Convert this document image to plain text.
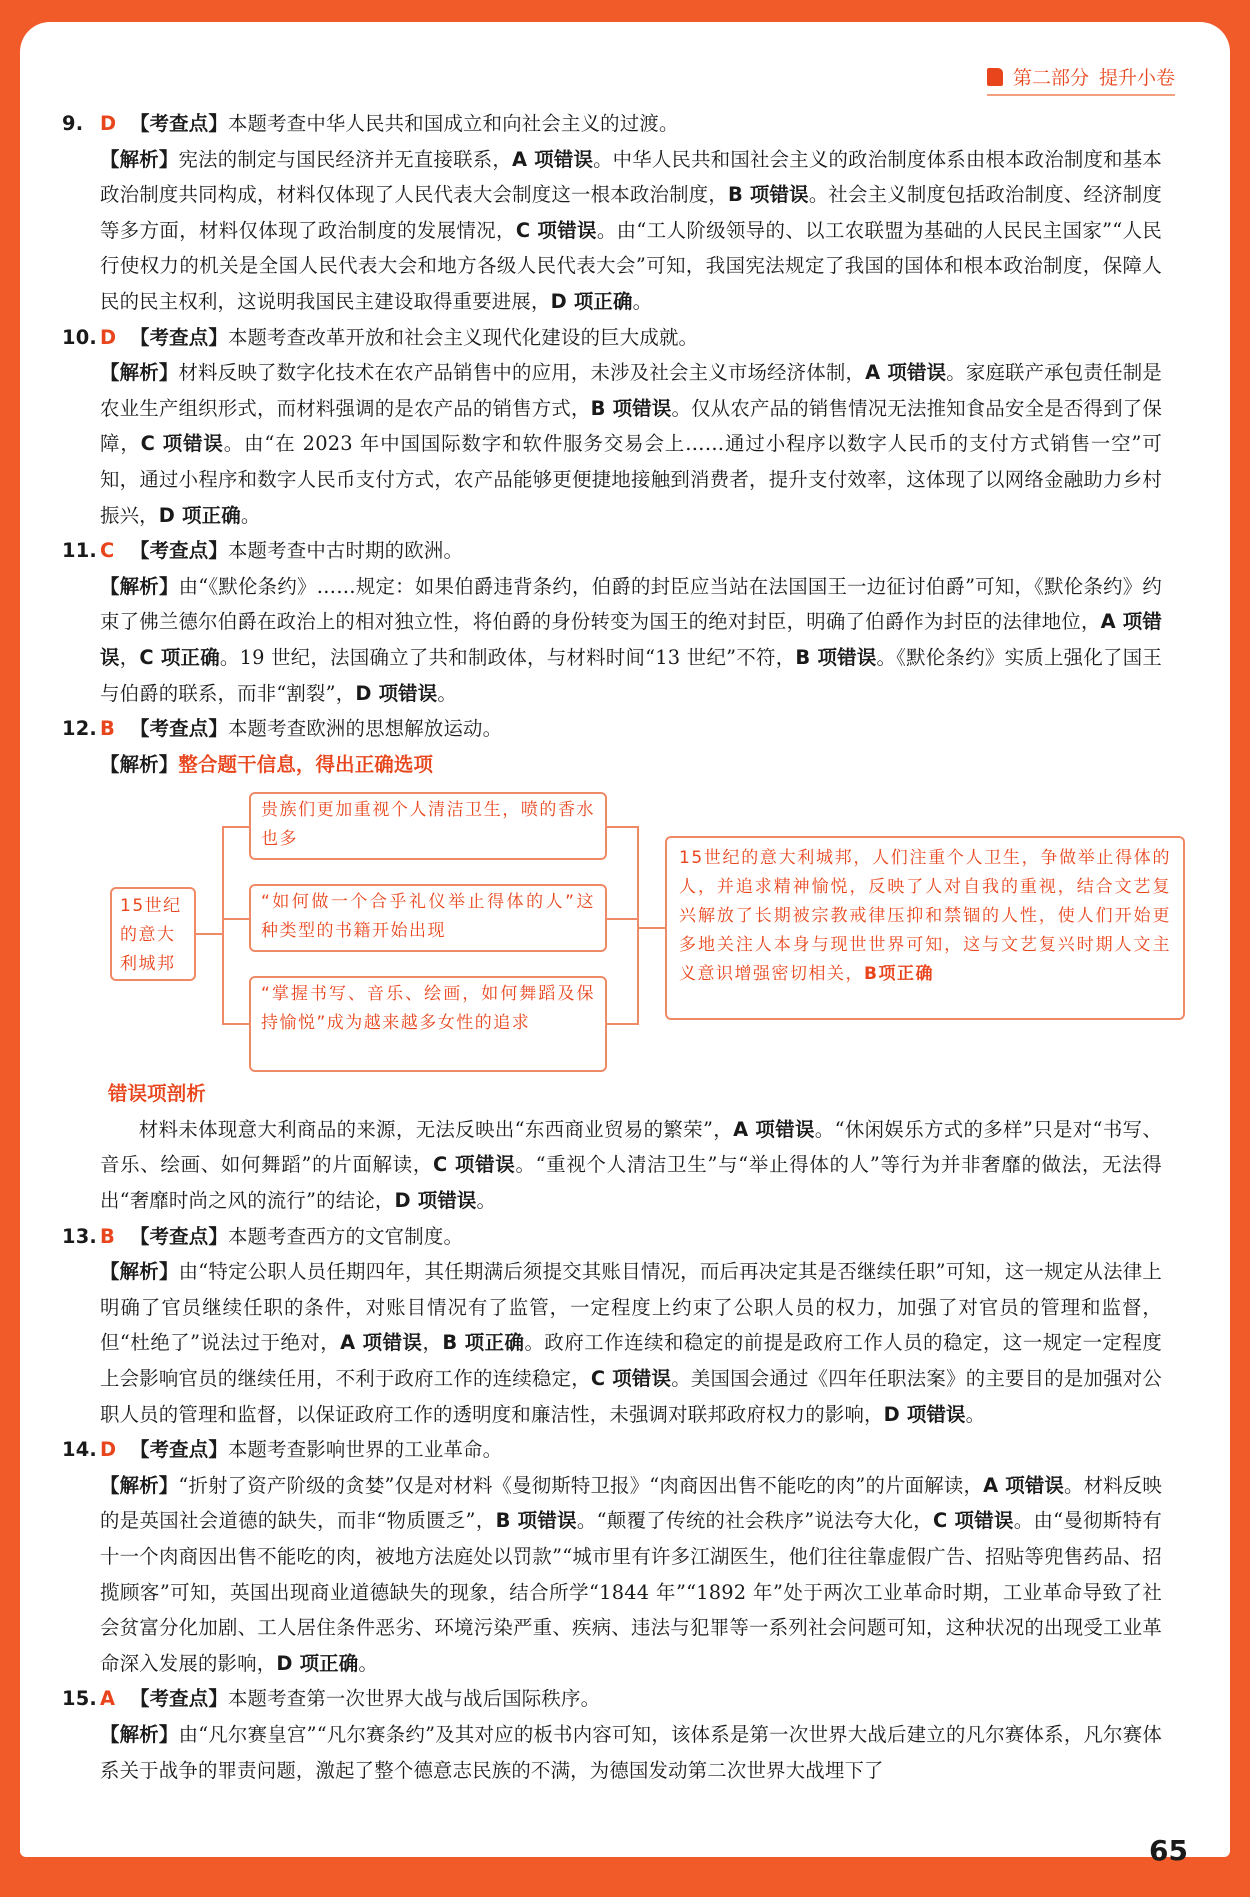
第二部分 提升小卷
9. D 【考查点】 本题考查中华人民共和国成立和向社会主义的过渡。
【解析】宪法的制定与国民经济并无直接联系，A 项错误。中华人民共和国社会主义的政治制度体系由根本政治制度和基本政治制度共同构成，材料仅体现了人民代表大会制度这一根本政治制度，B 项错误。社会主义制度包括政治制度、经济制度等多方面，材料仅体现了政治制度的发展情况，C 项错误。由“工人阶级领导的、以工农联盟为基础的人民民主国家”“人民行使权力的机关是全国人民代表大会和地方各级人民代表大会”可知，我国宪法规定了我国的国体和根本政治制度，保障人民的民主权利，这说明我国民主建设取得重要进展，D 项正确。
10. D 【考查点】 本题考查改革开放和社会主义现代化建设的巨大成就。
【解析】材料反映了数字化技术在农产品销售中的应用，未涉及社会主义市场经济体制，A 项错误。家庭联产承包责任制是农业生产组织形式，而材料强调的是农产品的销售方式，B 项错误。仅从农产品的销售情况无法推知食品安全是否得到了保障，C 项错误。由“在 2023 年中国国际数字和软件服务交易会上……通过小程序以数字人民币的支付方式销售一空”可知，通过小程序和数字人民币支付方式，农产品能够更便捷地接触到消费者，提升支付效率，这体现了以网络金融助力乡村振兴，D 项正确。
11. C 【考查点】 本题考查中古时期的欧洲。
【解析】由“《默伦条约》……规定：如果伯爵违背条约，伯爵的封臣应当站在法国国王一边征讨伯爵”可知，《默伦条约》约束了佛兰德尔伯爵在政治上的相对独立性，将伯爵的身份转变为国王的绝对封臣，明确了伯爵作为封臣的法律地位，A 项错误，C 项正确。19 世纪，法国确立了共和制政体，与材料时间“13 世纪”不符，B 项错误。《默伦条约》实质上强化了国王与伯爵的联系，而非“割裂”，D 项错误。
12. B 【考查点】 本题考查欧洲的思想解放运动。
【解析】整合题干信息，得出正确选项
15世纪的意大利城邦
贵族们更加重视个人清洁卫生，喷的香水也多
“如何做一个合乎礼仪举止得体的人”这种类型的书籍开始出现
“掌握书写、音乐、绘画，如何舞蹈及保持愉悦”成为越来越多女性的追求
15世纪的意大利城邦，人们注重个人卫生，争做举止得体的人，并追求精神愉悦，反映了人对自我的重视，结合文艺复兴解放了长期被宗教戒律压抑和禁锢的人性，使人们开始更多地关注人本身与现世世界可知，这与文艺复兴时期人文主义意识增强密切相关，B项正确
错误项剖析
材料未体现意大利商品的来源，无法反映出“东西商业贸易的繁荣”，A 项错误。“休闲娱乐方式的多样”只是对“书写、音乐、绘画、如何舞蹈”的片面解读，C 项错误。“重视个人清洁卫生”与“举止得体的人”等行为并非奢靡的做法，无法得出“奢靡时尚之风的流行”的结论，D 项错误。
13. B 【考查点】 本题考查西方的文官制度。
【解析】由“特定公职人员任期四年，其任期满后须提交其账目情况，而后再决定其是否继续任职”可知，这一规定从法律上明确了官员继续任职的条件，对账目情况有了监管，一定程度上约束了公职人员的权力，加强了对官员的管理和监督，但“杜绝了”说法过于绝对，A 项错误，B 项正确。政府工作连续和稳定的前提是政府工作人员的稳定，这一规定一定程度上会影响官员的继续任用，不利于政府工作的连续稳定，C 项错误。美国国会通过《四年任职法案》的主要目的是加强对公职人员的管理和监督，以保证政府工作的透明度和廉洁性，未强调对联邦政府权力的影响，D 项错误。
14. D 【考查点】 本题考查影响世界的工业革命。
【解析】“折射了资产阶级的贪婪”仅是对材料《曼彻斯特卫报》“肉商因出售不能吃的肉”的片面解读，A 项错误。材料反映的是英国社会道德的缺失，而非“物质匮乏”，B 项错误。“颠覆了传统的社会秩序”说法夸大化，C 项错误。由“曼彻斯特有十一个肉商因出售不能吃的肉，被地方法庭处以罚款”“城市里有许多江湖医生，他们往往靠虚假广告、招贴等兜售药品、招揽顾客”可知，英国出现商业道德缺失的现象，结合所学“1844 年”“1892 年”处于两次工业革命时期，工业革命导致了社会贫富分化加剧、工人居住条件恶劣、环境污染严重、疾病、违法与犯罪等一系列社会问题可知，这种状况的出现受工业革命深入发展的影响，D 项正确。
15. A 【考查点】 本题考查第一次世界大战与战后国际秩序。
【解析】由“凡尔赛皇宫”“凡尔赛条约”及其对应的板书内容可知，该体系是第一次世界大战后建立的凡尔赛体系，凡尔赛体系关于战争的罪责问题，激起了整个德意志民族的不满，为德国发动第二次世界大战埋下了
65
